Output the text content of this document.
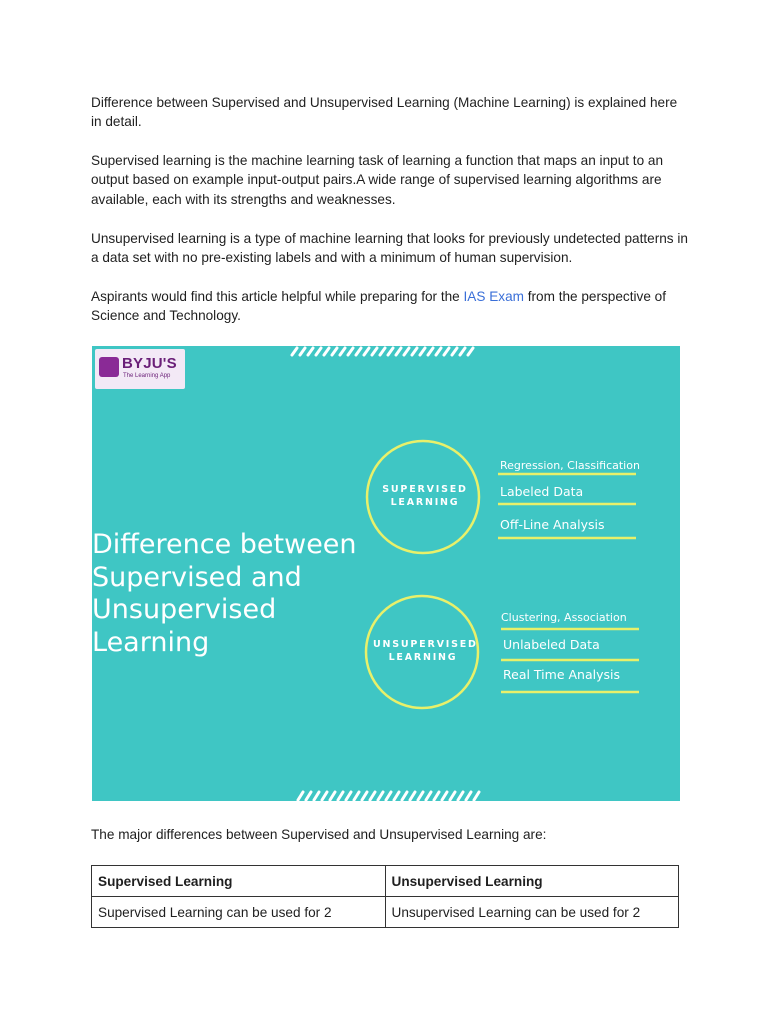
Difference between Supervised and Unsupervised Learning (Machine Learning) is explained here in detail.

Supervised learning is the machine learning task of learning a function that maps an input to an output based on example input-output pairs.A wide range of supervised learning algorithms are available, each with its strengths and weaknesses.

Unsupervised learning is a type of machine learning that looks for previously undetected patterns in a data set with no pre-existing labels and with a minimum of human supervision.

Aspirants would find this article helpful while preparing for the IAS Exam from the perspective of Science and Technology.

BYJU'S
The Learning App
Difference between
Supervised and
Unsupervised
Learning
SUPERVISED
LEARNING
UNSUPERVISED
LEARNING
Regression, Classification
Labeled Data
Off-Line Analysis
Clustering, Association
Unlabeled Data
Real Time Analysis

The major differences between Supervised and Unsupervised Learning are:

Supervised Learning	Unsupervised Learning
Supervised Learning can be used for 2	Unsupervised Learning can be used for 2
